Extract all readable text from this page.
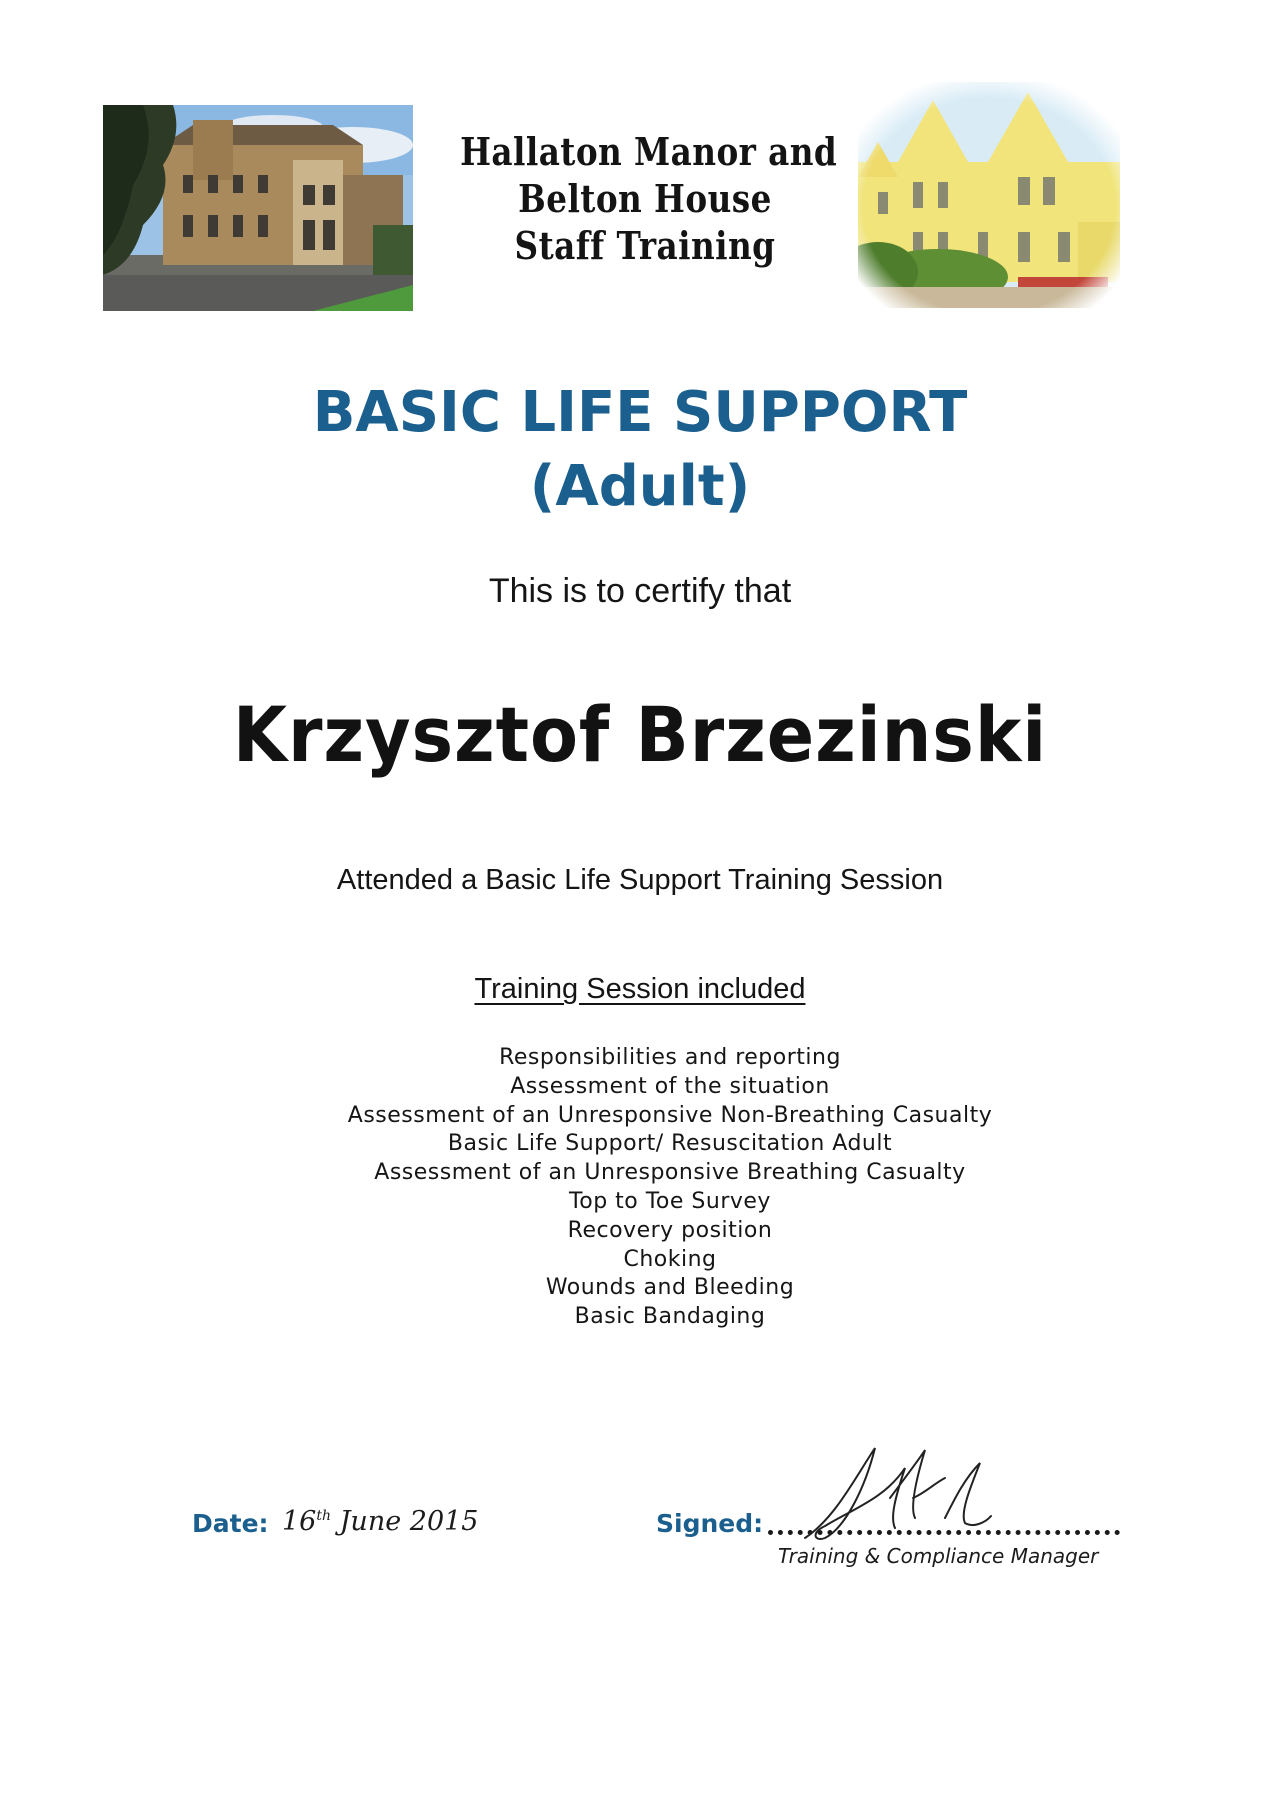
Hallaton Manor and
Belton House
Staff Training
BASIC LIFE SUPPORT
(Adult)
This is to certify that
Krzysztof Brzezinski
Attended a Basic Life Support Training Session
Training Session included
Responsibilities and reporting
Assessment of the situation
Assessment of an Unresponsive Non-Breathing Casualty
Basic Life Support/ Resuscitation Adult
Assessment of an Unresponsive Breathing Casualty
Top to Toe Survey
Recovery position
Choking
Wounds and Bleeding
Basic Bandaging
Date: 16th June 2015	Signed:
Training & Compliance Manager
